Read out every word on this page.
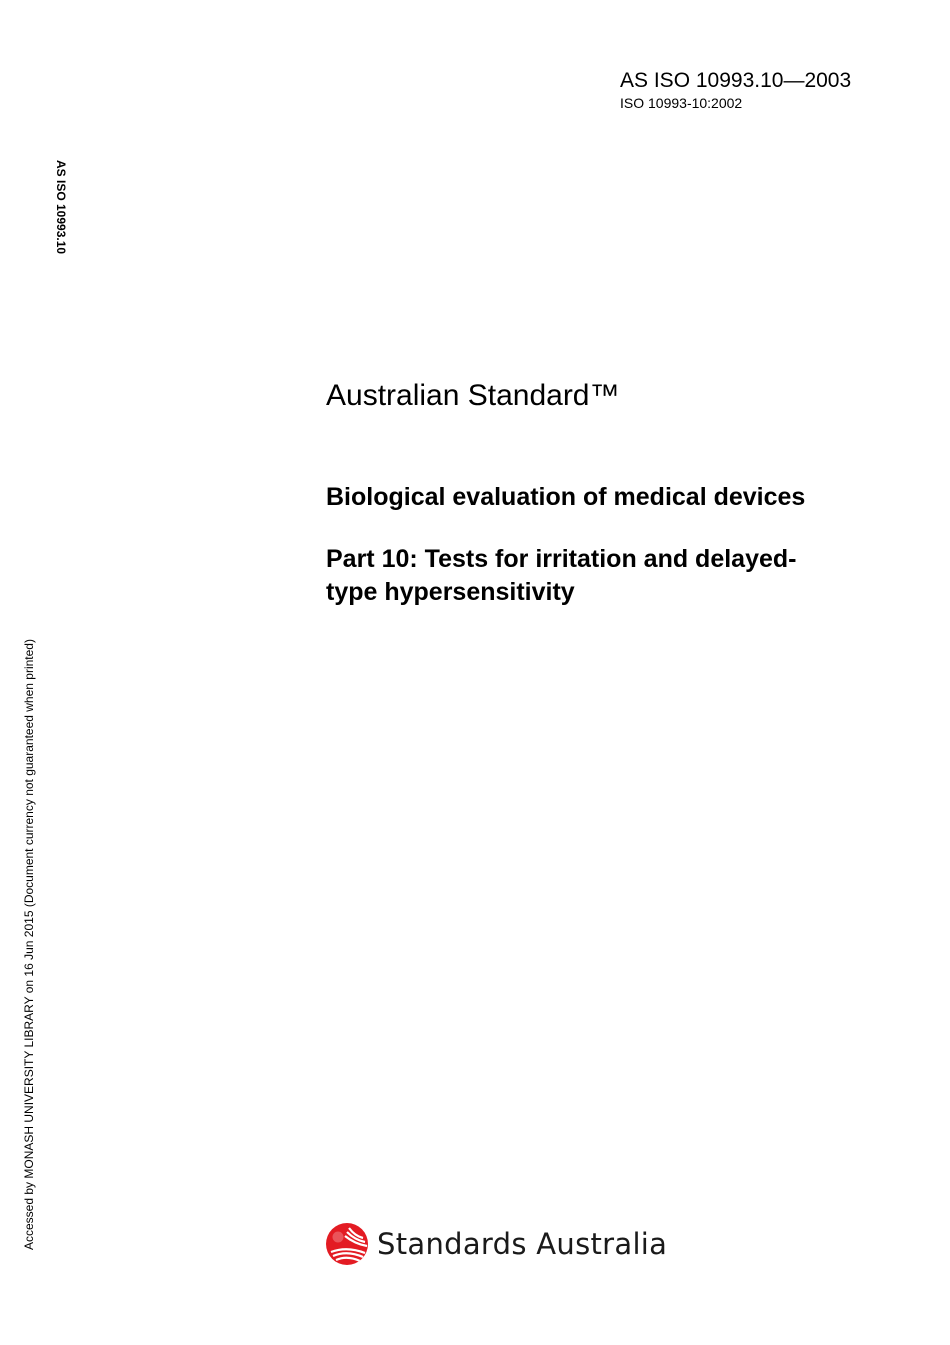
AS ISO 10993.10—2003
ISO 10993-10:2002
AS ISO 10993.10
Accessed by MONASH UNIVERSITY LIBRARY on 16 Jun 2015 (Document currency not guaranteed when printed)
Australian Standard™
Biological evaluation of medical devices
Part 10: Tests for irritation and delayed-
type hypersensitivity
Standards Australia
